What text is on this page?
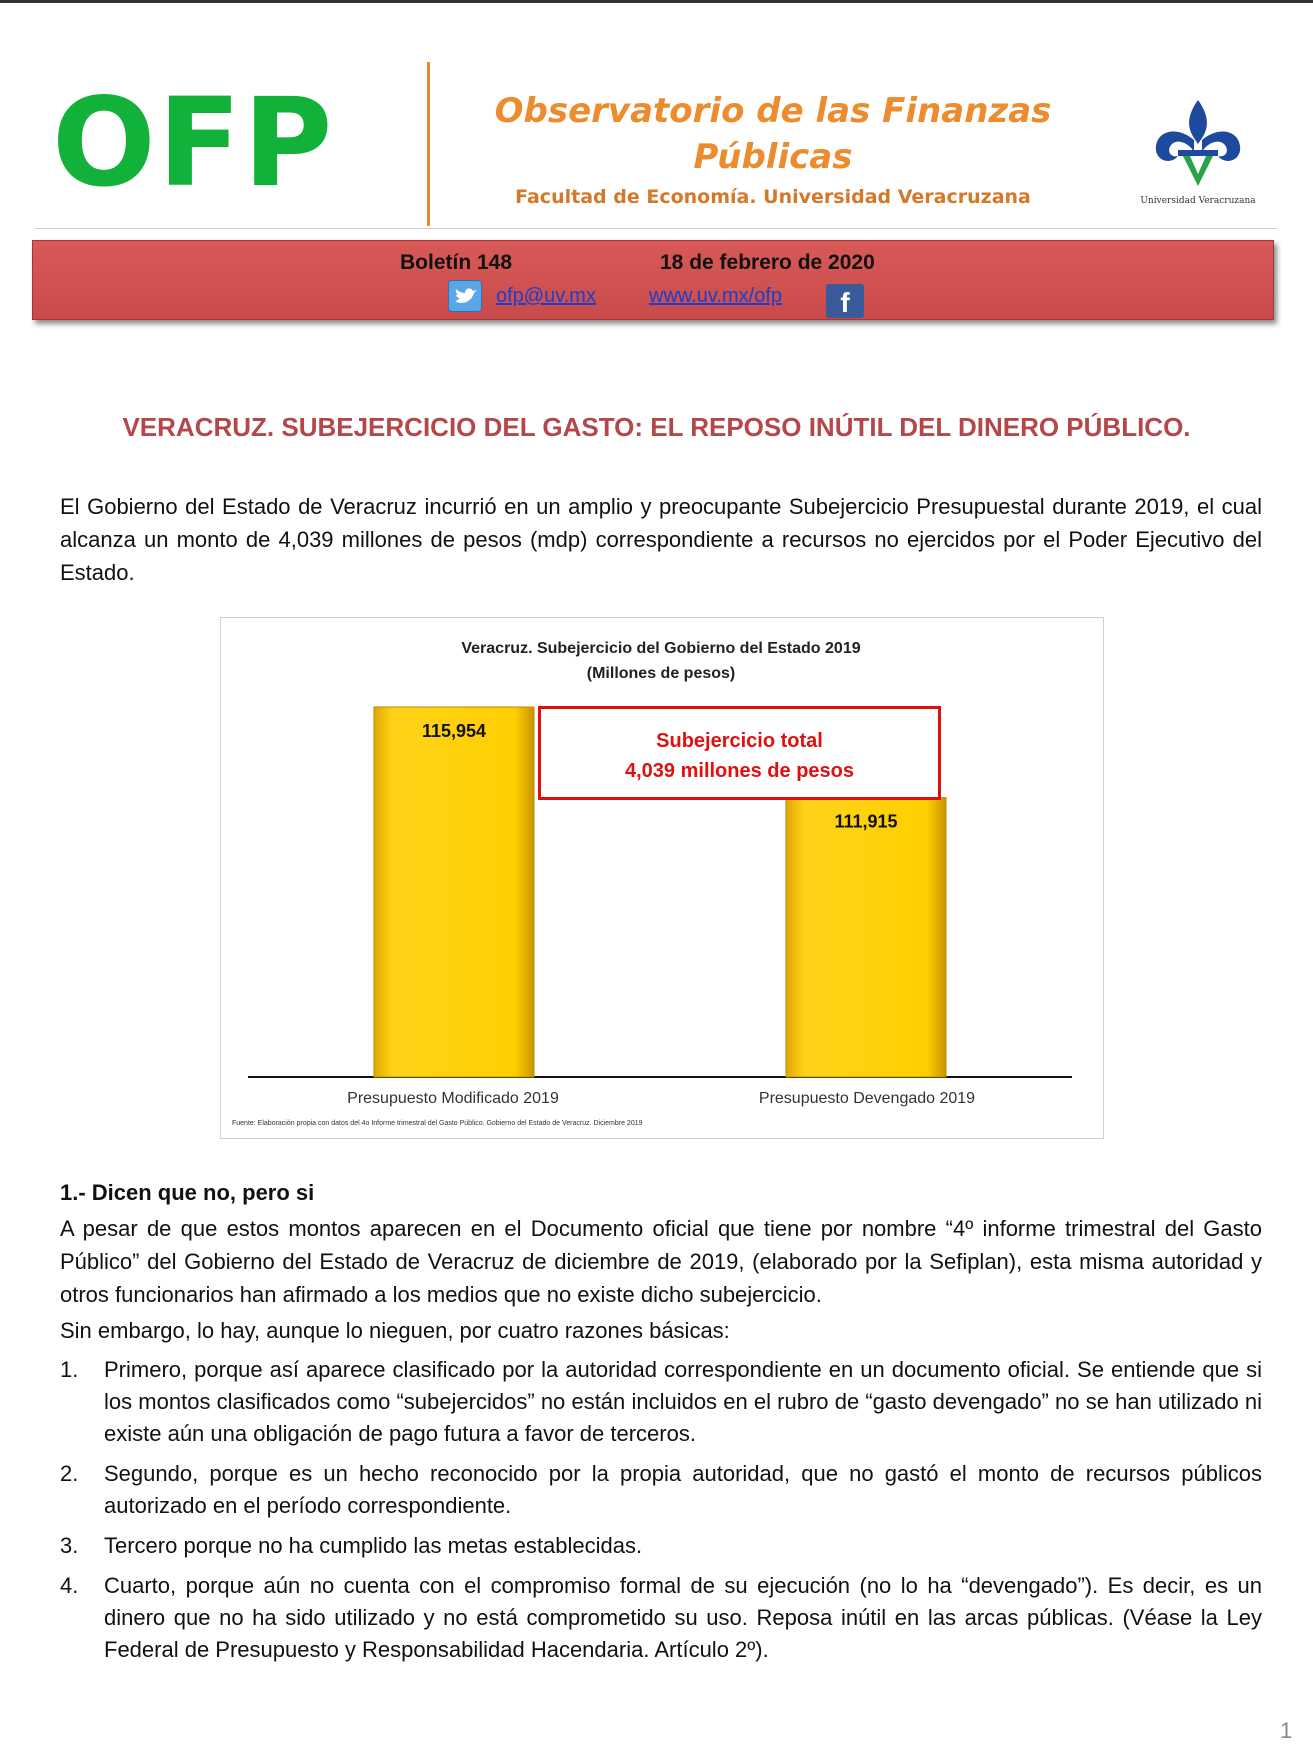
OFP	Observatorio de las Finanzas Públicas
Facultad de Economía. Universidad Veracruzana	Universidad Veracruzana
Boletín 148	18 de febrero de 2020
ofp@uv.mx	www.uv.mx/ofp	f
VERACRUZ. SUBEJERCICIO DEL GASTO: EL REPOSO INÚTIL DEL DINERO PÚBLICO.

El Gobierno del Estado de Veracruz incurrió en un amplio y preocupante Subejercicio Presupuestal durante 2019, el cual alcanza un monto de 4,039 millones de pesos (mdp) correspondiente a recursos no ejercidos por el Poder Ejecutivo del Estado.

Veracruz. Subejercicio del Gobierno del Estado 2019
(Millones de pesos)
115,954
111,915
Subejercicio total
4,039 millones de pesos
Presupuesto Modificado 2019	Presupuesto Devengado 2019
Fuente: Elaboración propia con datos del 4o Informe trimestral del Gasto Público. Gobierno del Estado de Veracruz. Diciembre 2019
1.- Dicen que no, pero si

A pesar de que estos montos aparecen en el Documento oficial que tiene por nombre “4º informe trimestral del Gasto Público” del Gobierno del Estado de Veracruz de diciembre de 2019, (elaborado por la Sefiplan), esta misma autoridad y otros funcionarios han afirmado a los medios que no existe dicho subejercicio.

Sin embargo, lo hay, aunque lo nieguen, por cuatro razones básicas:

1. Primero, porque así aparece clasificado por la autoridad correspondiente en un documento oficial. Se entiende que si los montos clasificados como “subejercidos” no están incluidos en el rubro de “gasto devengado” no se han utilizado ni existe aún una obligación de pago futura a favor de terceros.
2. Segundo, porque es un hecho reconocido por la propia autoridad, que no gastó el monto de recursos públicos autorizado en el período correspondiente.
3. Tercero porque no ha cumplido las metas establecidas.
4. Cuarto, porque aún no cuenta con el compromiso formal de su ejecución (no lo ha “devengado”). Es decir, es un dinero que no ha sido utilizado y no está comprometido su uso. Reposa inútil en las arcas públicas. (Véase la Ley Federal de Presupuesto y Responsabilidad Hacendaria. Artículo 2º).
1
